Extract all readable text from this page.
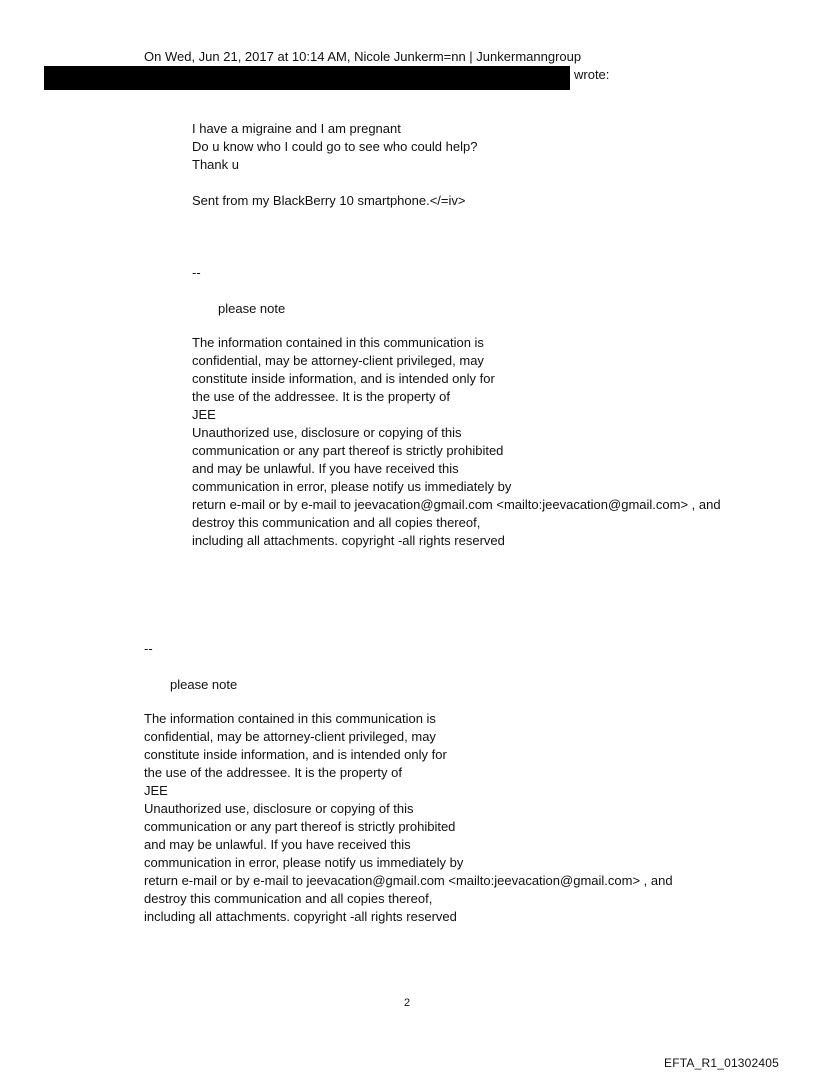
On Wed, Jun 21, 2017 at 10:14 AM, Nicole Junkerm=nn | Junkermanngroup
wrote:
I have a migraine and I am pregnant
Do u know who I could go to see who could help?
Thank u
Sent from my BlackBerry 10 smartphone.</=iv>
--
please note
The information contained in this communication is
confidential, may be attorney-client privileged, may
constitute inside information, and is intended only for
the use of the addressee. It is the property of
JEE
Unauthorized use, disclosure or copying of this
communication or any part thereof is strictly prohibited
and may be unlawful. If you have received this
communication in error, please notify us immediately by
return e-mail or by e-mail to jeevacation@gmail.com <mailto:jeevacation@gmail.com> , and
destroy this communication and all copies thereof,
including all attachments. copyright -all rights reserved
--
please note
The information contained in this communication is
confidential, may be attorney-client privileged, may
constitute inside information, and is intended only for
the use of the addressee. It is the property of
JEE
Unauthorized use, disclosure or copying of this
communication or any part thereof is strictly prohibited
and may be unlawful. If you have received this
communication in error, please notify us immediately by
return e-mail or by e-mail to jeevacation@gmail.com <mailto:jeevacation@gmail.com> , and
destroy this communication and all copies thereof,
including all attachments. copyright -all rights reserved
2
EFTA_R1_01302405
